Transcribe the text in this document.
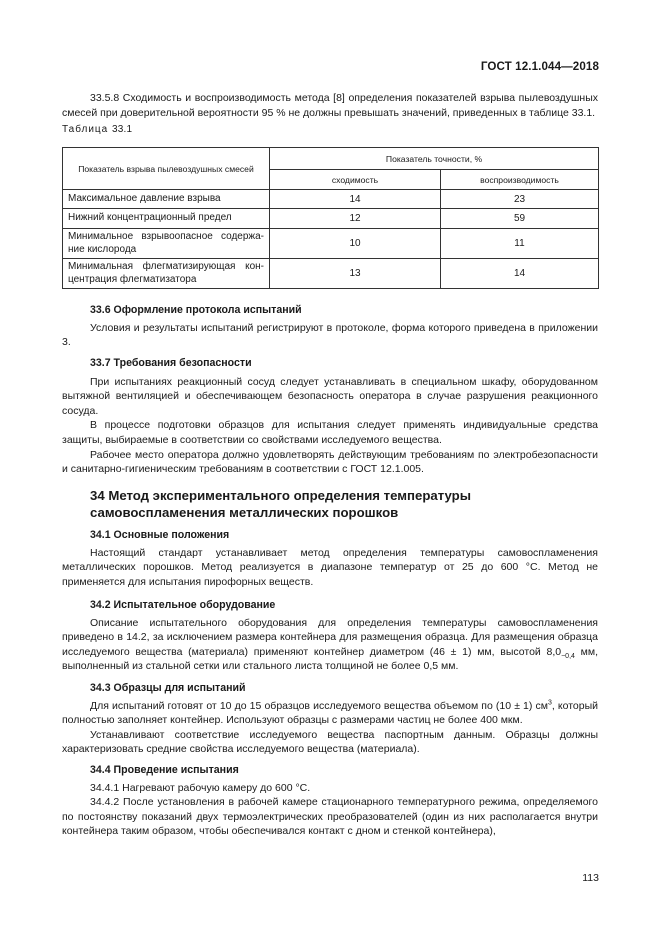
ГОСТ 12.1.044—2018
33.5.8 Сходимость и воспроизводимость метода [8] определения показателей взрыва пылевоздушных смесей при доверительной вероятности 95 % не должны превышать значений, приведенных в таблице 33.1.
Таблица 33.1
Показатель взрыва пылевоздушных смесей	Показатель точности, %	
	сходимость	воспроизводимость
Максимальное давление взрыва	14	23
Нижний концентрационный предел	12	59
Минимальное взрывоопасное содержа-ние кислорода	10	11
Минимальная флегматизирующая кон-центрация флегматизатора	13	14

33.6 Оформление протокола испытаний

Условия и результаты испытаний регистрируют в протоколе, форма которого приведена в приложении 3.

33.7 Требования безопасности

При испытаниях реакционный сосуд следует устанавливать в специальном шкафу, оборудованном вытяжной вентиляцией и обеспечивающем безопасность оператора в случае разрушения реакционного сосуда.

В процессе подготовки образцов для испытания следует применять индивидуальные средства защиты, выбираемые в соответствии со свойствами исследуемого вещества.

Рабочее место оператора должно удовлетворять действующим требованиям по электробезопасности и санитарно-гигиеническим требованиям в соответствии с ГОСТ 12.1.005.

34 Метод экспериментального определения температуры

самовоспламенения металлических порошков

34.1 Основные положения

Настоящий стандарт устанавливает метод определения температуры самовоспламенения металлических порошков. Метод реализуется в диапазоне температур от 25 до 600 °С. Метод не применяется для испытания пирофорных веществ.

34.2 Испытательное оборудование

Описание испытательного оборудования для определения температуры самовоспламенения приведено в 14.2, за исключением размера контейнера для размещения образца. Для размещения образца исследуемого вещества (материала) применяют контейнер диаметром (46 ± 1) мм, высотой $8,0_{-0,4}$ мм, выполненный из стальной сетки или стального листа толщиной не более 0,5 мм.

34.3 Образцы для испытаний

Для испытаний готовят от 10 до 15 образцов исследуемого вещества объемом по (10 ± 1) $см^3$, который полностью заполняет контейнер. Используют образцы с размерами частиц не более 400 мкм.

Устанавливают соответствие исследуемого вещества паспортным данным. Образцы должны характеризовать средние свойства исследуемого вещества (материала).

34.4 Проведение испытания

34.4.1 Нагревают рабочую камеру до 600 °С.

34.4.2 После установления в рабочей камере стационарного температурного режима, определяемого по постоянству показаний двух термоэлектрических преобразователей (один из них располагается внутри контейнера таким образом, чтобы обеспечивался контакт с дном и стенкой контейнера),

113
